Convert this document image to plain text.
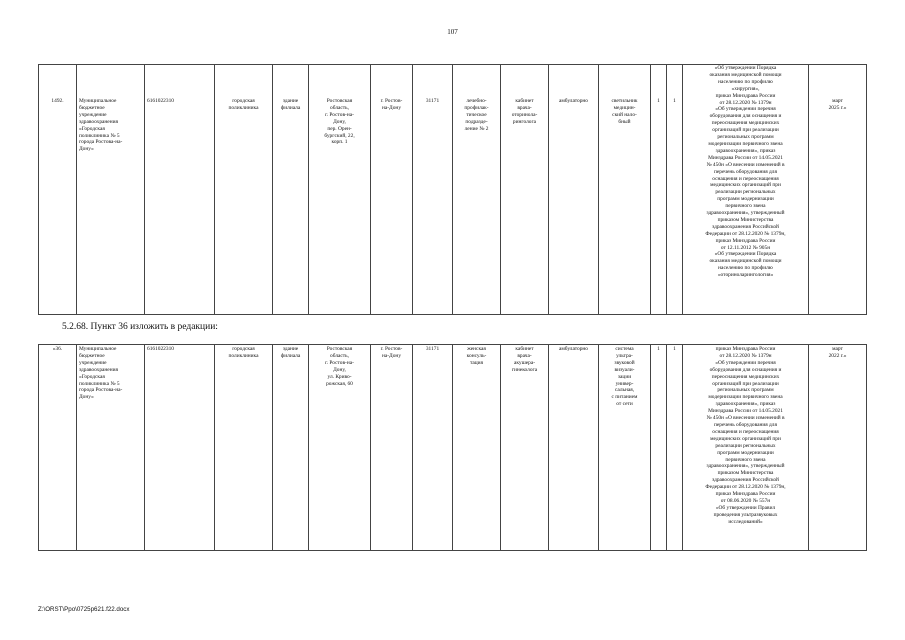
107
1492.	Муниципальное
бюджетное
учреждение
здравоохранения
«Городская
поликлиника № 5
города Ростова-на-
Дону»	6161022310	городская
поликлиника	здание
филиала	Ростовская
область,
г. Ростов-на-
Дону,
пер. Орен-
бургский, 22,
корп. 1	г. Ростов-
на-Дону	31171	лечебно-
профилак-
тическое
подразде-
ление № 2	кабинет
врача-
оторинола-
ринголога	амбулаторно	светильник
медицин-
ский нало-
бный	1	1	«Об утверждении Порядка
оказания медицинской помощи
населению по профилю
«хирургия»,
приказ Минздрава России
от 28.12.2020 № 1379н
«Об утверждении перечня
оборудования для оснащения и
переоснащения медицинских
организаций при реализации
региональных программ
модернизации первичного звена
здравоохранения», приказ
Минздрава России от 14.05.2021
№ 450н «О внесении изменений в
перечень оборудования для
оснащения и переоснащения
медицинских организаций при
реализации региональных
программ модернизации
первичного звена
здравоохранения», утвержденный
приказом Министерства
здравоохранения Российской
Федерации от 28.12.2020 № 1379н,
приказ Минздрава России
от 12.11.2012 № 905н
«Об утверждении Порядка
оказания медицинской помощи
населению по профилю
«оториноларингология»	март
2025 г.»
5.2.68. Пункт 36 изложить в редакции:
«36.	Муниципальное
бюджетное
учреждение
здравоохранения
«Городская
поликлиника № 5
города Ростова-на-
Дону»	6161022310	городская
поликлиника	здание
филиала	Ростовская
область,
г. Ростов-на-
Дону,
ул. Криво-
рожская, 60	г. Ростов-
на-Дону	31171	женская
консуль-
тация	кабинет
врача-
акушера-
гинеколога	амбулаторно	система
ультра-
звуковой
визуали-
зации
универ-
сальная,
с питанием
от сети	1	1	приказ Минздрава России
от 28.12.2020 № 1379н
«Об утверждении перечня
оборудования для оснащения и
переоснащения медицинских
организаций при реализации
региональных программ
модернизации первичного звена
здравоохранения», приказ
Минздрава России от 14.05.2021
№ 450н «О внесении изменений в
перечень оборудования для
оснащения и переоснащения
медицинских организаций при
реализации региональных
программ модернизации
первичного звена
здравоохранения», утвержденный
приказом Министерства
здравоохранения Российской
Федерации от 28.12.2020 № 1379н,
приказ Минздрава России
от 08.06.2020 № 557н
«Об утверждении Правил
проведения ультразвуковых
исследований»	март
2022 г.»
Z:\ORST\Ppo\0725p621.f22.docx
